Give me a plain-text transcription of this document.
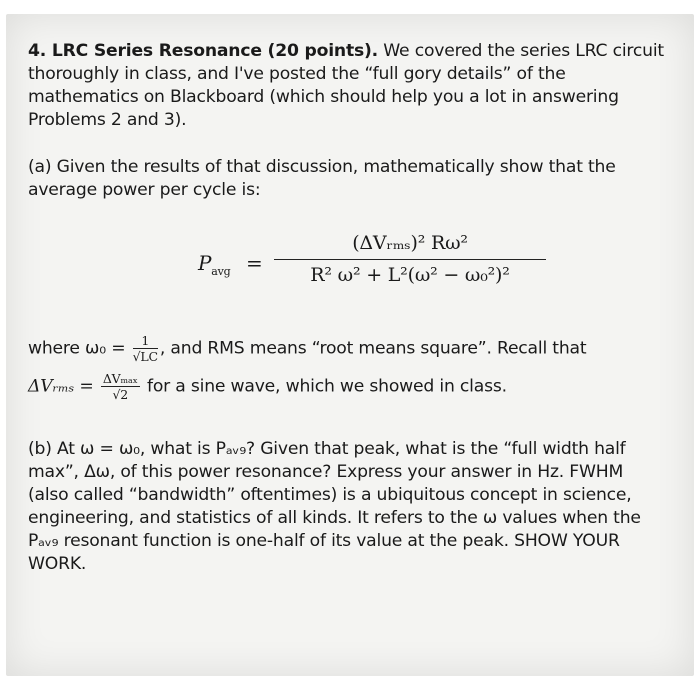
4. LRC Series Resonance (20 points). We covered the series LRC circuit thoroughly in class, and I've posted the “full gory details” of the mathematics on Blackboard (which should help you a lot in answering Problems 2 and 3).

(a) Given the results of that discussion, mathematically show that the average power per cycle is:

$P_{avg}$ =
(ΔVᵣₘₛ)² Rω²
R² ω² + L²(ω² − ω₀²)²
where $\omega_0 = \frac{1}{√LC}$ , and RMS means “root means square”. Recall that
ΔVᵣₘₛ = $\frac{\text{ΔVₘₐₓ}}{√2}$ for a sine wave, which we showed in class.

(b) At ω = ω₀, what is Pₐᵥ₉? Given that peak, what is the “full width half max”, Δω, of this power resonance? Express your answer in Hz. FWHM (also called “bandwidth” oftentimes) is a ubiquitous concept in science, engineering, and statistics of all kinds. It refers to the ω values when the Pₐᵥ₉ resonant function is one-half of its value at the peak. SHOW YOUR WORK.
